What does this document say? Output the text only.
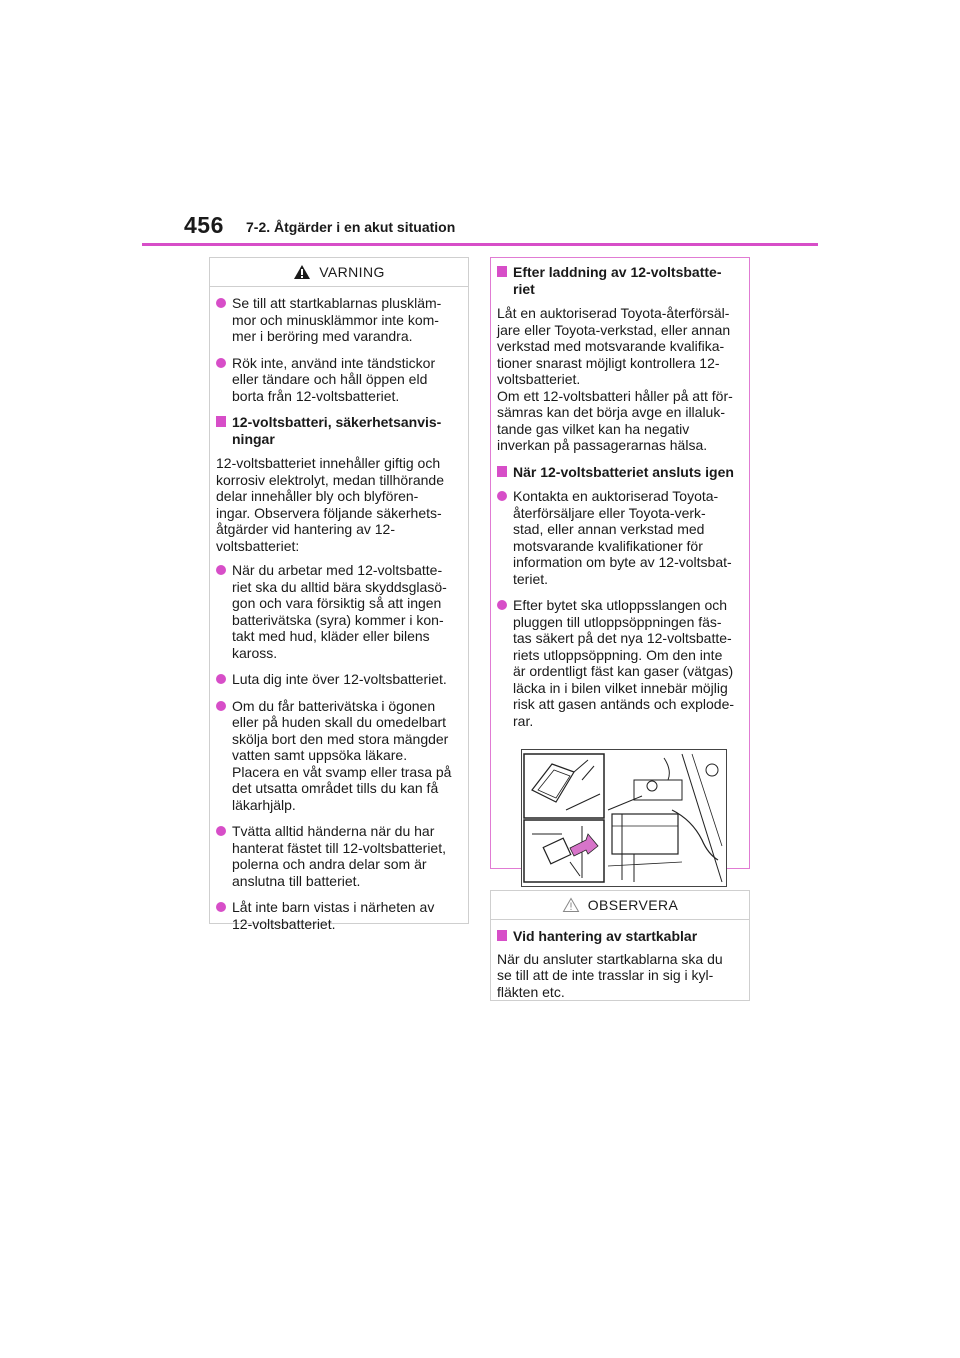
456 7-2. Åtgärder i en akut situation
VARNING
Se till att startkablarnas pluskläm-
mor och minusklämmor inte kom-
mer i beröring med varandra.
Rök inte, använd inte tändstickor
eller tändare och håll öppen eld
borta från 12-voltsbatteriet.
12-voltsbatteri, säkerhetsanvis-
ningar
12-voltsbatteriet innehåller giftig och
korrosiv elektrolyt, medan tillhörande
delar innehåller bly och blyfören-
ingar. Observera följande säkerhets-
åtgärder vid hantering av 12-
voltsbatteriet:
När du arbetar med 12-voltsbatte-
riet ska du alltid bära skyddsglasö-
gon och vara försiktig så att ingen
batterivätska (syra) kommer i kon-
takt med hud, kläder eller bilens
kaross.
Luta dig inte över 12-voltsbatteriet.
Om du får batterivätska i ögonen
eller på huden skall du omedelbart
skölja bort den med stora mängder
vatten samt uppsöka läkare.
Placera en våt svamp eller trasa på
det utsatta området tills du kan få
läkarhjälp.
Tvätta alltid händerna när du har
hanterat fästet till 12-voltsbatteriet,
polerna och andra delar som är
anslutna till batteriet.
Låt inte barn vistas i närheten av
12-voltsbatteriet.
Efter laddning av 12-voltsbatte-
riet
Låt en auktoriserad Toyota-återförsäl-
jare eller Toyota-verkstad, eller annan
verkstad med motsvarande kvalifika-
tioner snarast möjligt kontrollera 12-
voltsbatteriet.
Om ett 12-voltsbatteri håller på att för-
sämras kan det börja avge en illaluk-
tande gas vilket kan ha negativ
inverkan på passagerarnas hälsa.
När 12-voltsbatteriet ansluts igen
Kontakta en auktoriserad Toyota-
återförsäljare eller Toyota-verk-
stad, eller annan verkstad med
motsvarande kvalifikationer för
information om byte av 12-voltsbat-
teriet.
Efter bytet ska utloppsslangen och
pluggen till utloppsöppningen fäs-
tas säkert på det nya 12-voltsbatte-
riets utloppsöppning. Om den inte
är ordentligt fäst kan gaser (vätgas)
läcka in i bilen vilket innebär möjlig
risk att gasen antänds och explode-
rar.
OBSERVERA
Vid hantering av startkablar
När du ansluter startkablarna ska du
se till att de inte trasslar in sig i kyl-
fläkten etc.
